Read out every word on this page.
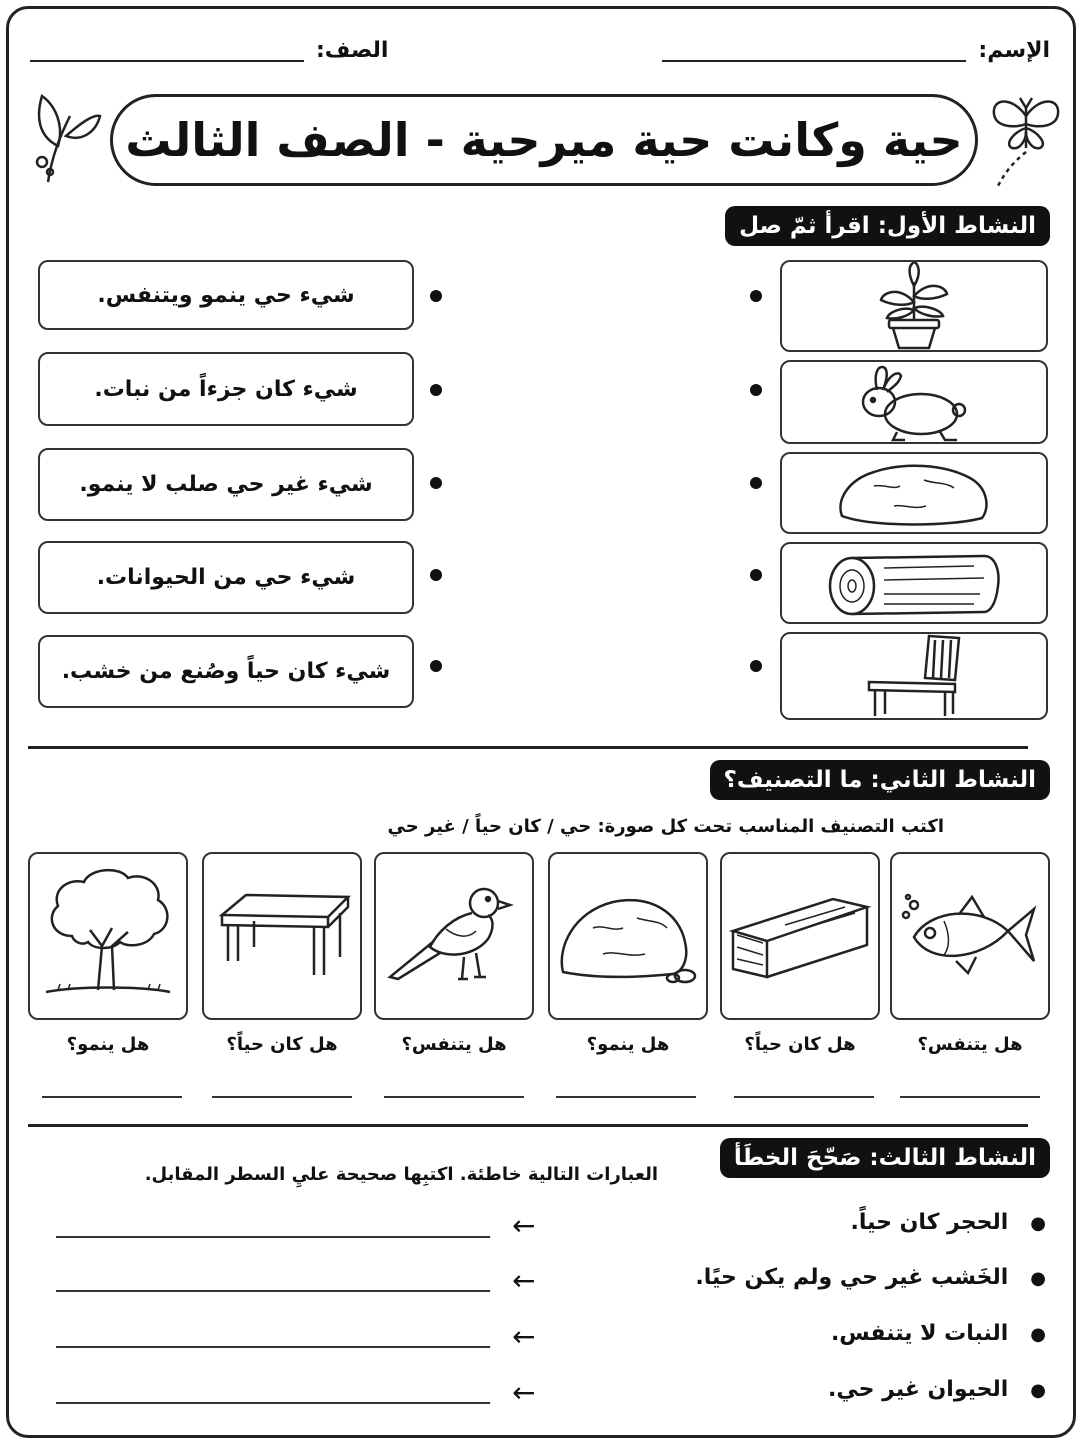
الإسم:
الصف:
حية وكانت حية ميرحية - الصف الثالث
النشاط الأول: اقرأ ثمّ صل
شيء حي ينمو ويتنفس.
شيء كان جزءاً من نبات.
شيء غير حي صلب لا ينمو.
شيء حي من الحيوانات.
شيء كان حياً وصُنع من خشب.
النشاط الثاني: ما التصنيف؟
اكتب التصنيف المناسب تحت كل صورة: حي / كان حياً / غير حي
هل يتنفس؟
هل كان حياً؟
هل ينمو؟
هل يتنفس؟
هل كان حياً؟
هل ينمو؟
النشاط الثالث: صَحّحَ الخطَأ
العبارات التالية خاطئة. اكتبِها صحيحة عليِ السطر المقابل.
●الحجر كان حياً.
●الخَشب غير حي ولم يكن حيًا.
●النبات لا يتنفس.
●الحيوان غير حي.
←
←
←
←
